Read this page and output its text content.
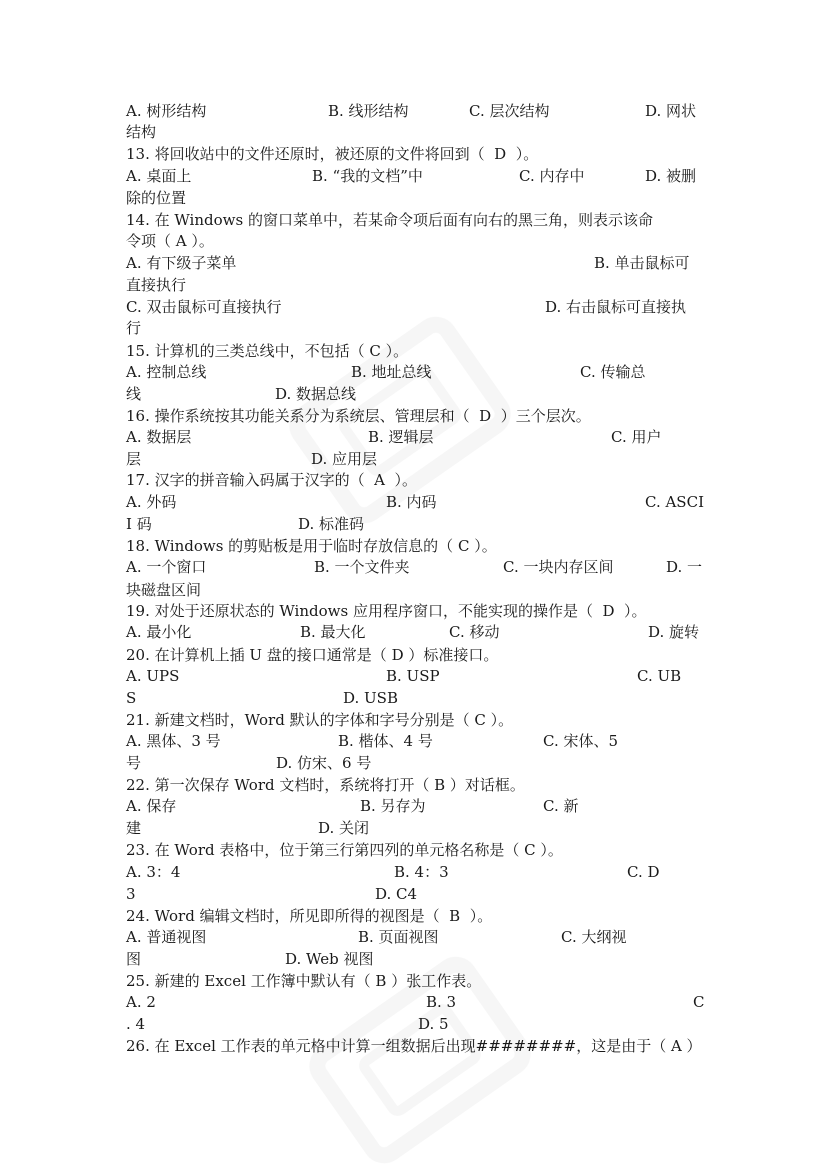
A. 树形结构	B. 线形结构	C. 层次结构	D. 网状
结构
13. 将回收站中的文件还原时，被还原的文件将回到（  D  ）。
A. 桌面上	B. “我的文档”中	C. 内存中	D. 被删
除的位置
14. 在 Windows 的窗口菜单中，若某命令项后面有向右的黑三角，则表示该命
令项（ A ）。
A. 有下级子菜单	B. 单击鼠标可
直接执行
C. 双击鼠标可直接执行	D. 右击鼠标可直接执
行
15. 计算机的三类总线中，不包括（ C ）。
A. 控制总线	B. 地址总线	C. 传输总
线	D. 数据总线
16. 操作系统按其功能关系分为系统层、管理层和（  D  ）三个层次。
A. 数据层	B. 逻辑层	C. 用户
层	D. 应用层
17. 汉字的拼音输入码属于汉字的（  A  ）。
A. 外码	B. 内码	C. ASCI
I 码	D. 标准码
18. Windows 的剪贴板是用于临时存放信息的（ C ）。
A. 一个窗口	B. 一个文件夹	C. 一块内存区间	D. 一
块磁盘区间
19. 对处于还原状态的 Windows 应用程序窗口，不能实现的操作是（  D  ）。
A. 最小化	B. 最大化	C. 移动	D. 旋转
20. 在计算机上插 U 盘的接口通常是（ D ）标准接口。
A. UPS	B. USP	C. UB
S	D. USB
21. 新建文档时，Word 默认的字体和字号分别是（ C ）。
A. 黑体、3 号	B. 楷体、4 号	C. 宋体、5
号	D. 仿宋、6 号
22. 第一次保存 Word 文档时，系统将打开（ B ）对话框。
A. 保存	B. 另存为	C. 新
建	D. 关闭
23. 在 Word 表格中，位于第三行第四列的单元格名称是（ C ）。
A. 3：4	B. 4：3	C. D
3	D. C4
24. Word 编辑文档时，所见即所得的视图是（  B  ）。
A. 普通视图	B. 页面视图	C. 大纲视
图	D. Web 视图
25. 新建的 Excel 工作簿中默认有（ B ）张工作表。
A. 2	B. 3	C
. 4	D. 5
26. 在 Excel 工作表的单元格中计算一组数据后出现########，这是由于（ A ）
